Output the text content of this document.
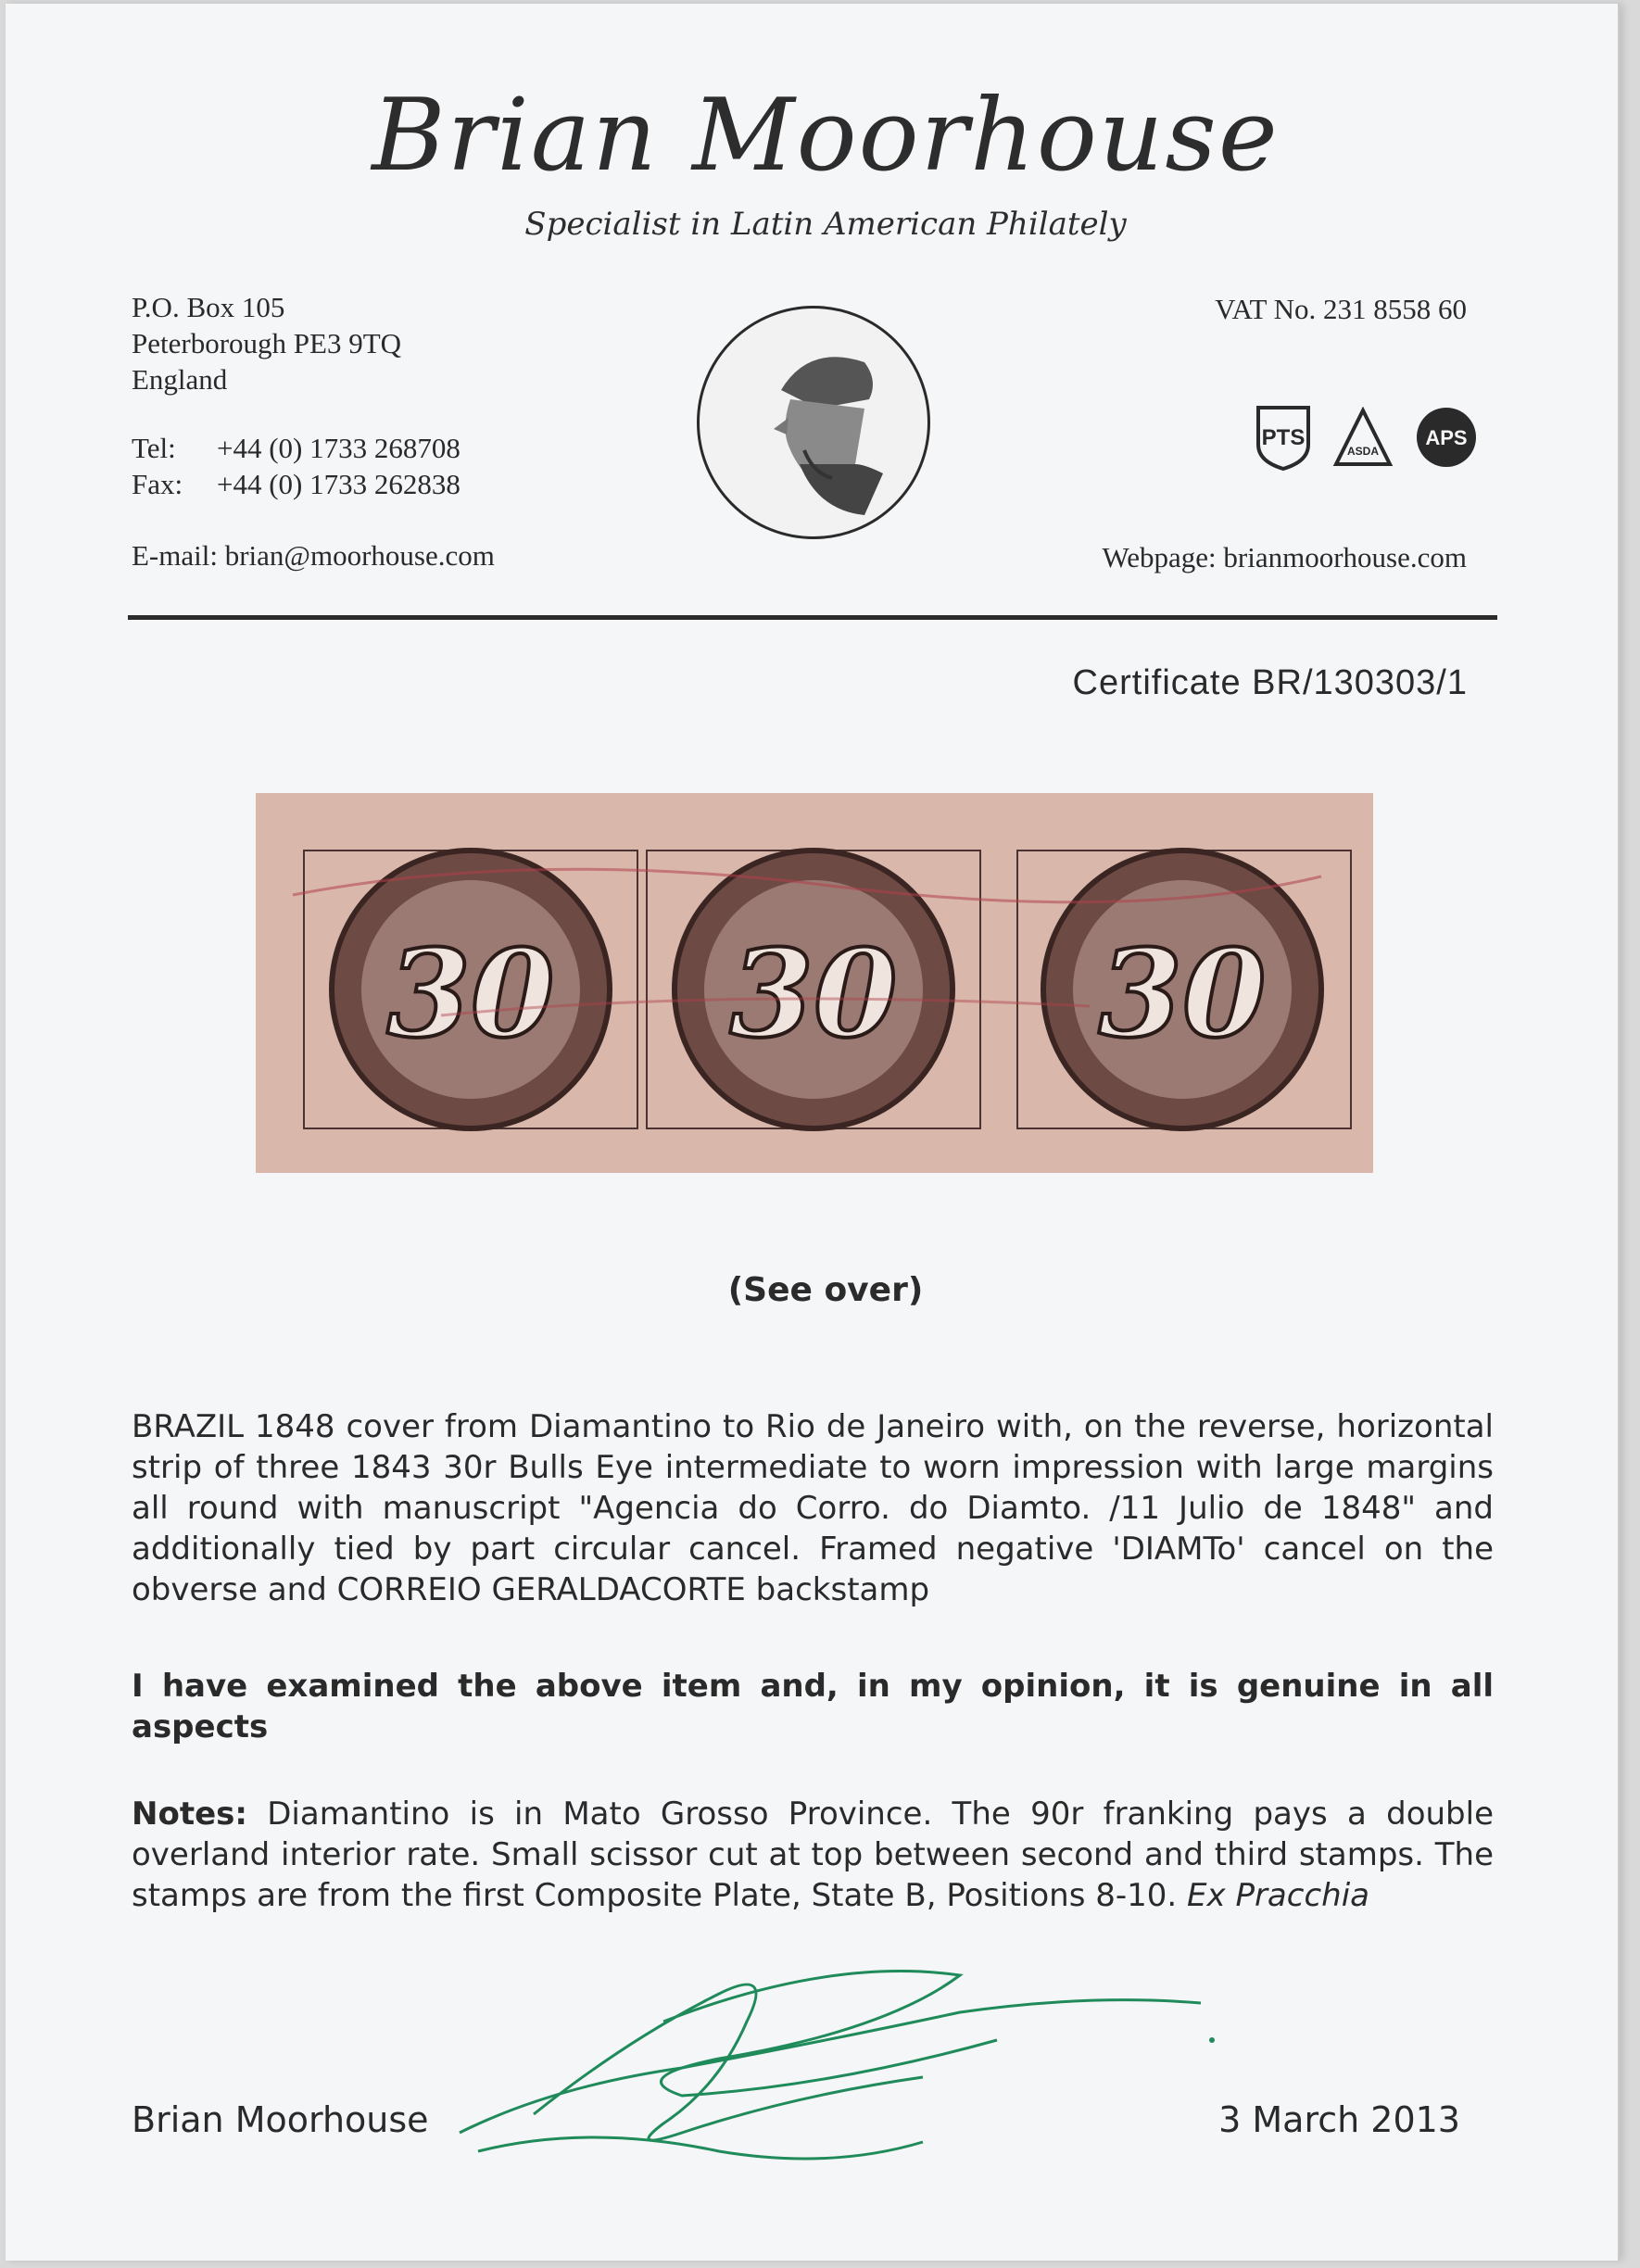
Brian Moorhouse
Specialist in Latin American Philately
P.O. Box 105
Peterborough PE3 9TQ
England
Tel:	+44 (0) 1733 268708
Fax:	+44 (0) 1733 262838
E-mail: brian@moorhouse.com
VAT No. 231 8558 60
Webpage: brianmoorhouse.com
PTS
ASDA
APS
Certificate BR/130303/1
30 30 30
(See over)
BRAZIL 1848 cover from Diamantino to Rio de Janeiro with, on the reverse, horizontal strip of three 1843 30r Bulls Eye intermediate to worn impression with large margins all round with manuscript "Agencia do Corro. do Diamto. /11 Julio de 1848" and additionally tied by part circular cancel. Framed negative 'DIAMTo' cancel on the obverse and CORREIO GERALDACORTE backstamp
I have examined the above item and, in my opinion, it is genuine in all aspects
Notes: Diamantino is in Mato Grosso Province. The 90r franking pays a double overland interior rate. Small scissor cut at top between second and third stamps. The stamps are from the first Composite Plate, State B, Positions 8-10. Ex Pracchia
Brian Moorhouse	3 March 2013
